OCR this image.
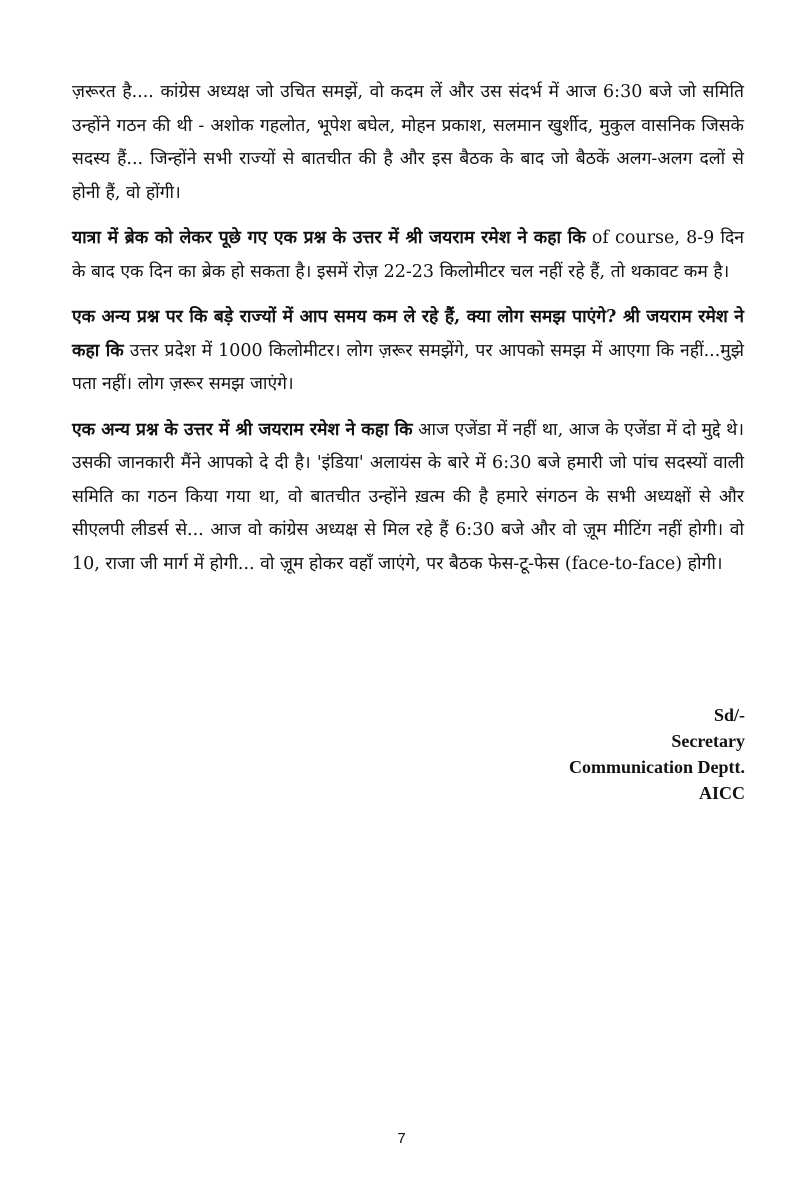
ज़रूरत है.... कांग्रेस अध्यक्ष जो उचित समझें, वो कदम लें और उस संदर्भ में आज 6:30 बजे जो समिति उन्होंने गठन की थी - अशोक गहलोत, भूपेश बघेल, मोहन प्रकाश, सलमान खुर्शीद, मुकुल वासनिक जिसके सदस्य हैं... जिन्होंने सभी राज्यों से बातचीत की है और इस बैठक के बाद जो बैठकें अलग-अलग दलों से होनी हैं, वो होंगी।

यात्रा में ब्रेक को लेकर पूछे गए एक प्रश्न के उत्तर में श्री जयराम रमेश ने कहा कि of course, 8-9 दिन के बाद एक दिन का ब्रेक हो सकता है। इसमें रोज़ 22-23 किलोमीटर चल नहीं रहे हैं, तो थकावट कम है।

एक अन्य प्रश्न पर कि बड़े राज्यों में आप समय कम ले रहे हैं, क्या लोग समझ पाएंगे? श्री जयराम रमेश ने कहा कि उत्तर प्रदेश में 1000 किलोमीटर। लोग ज़रूर समझेंगे, पर आपको समझ में आएगा कि नहीं...मुझे पता नहीं। लोग ज़रूर समझ जाएंगे।

एक अन्य प्रश्न के उत्तर में श्री जयराम रमेश ने कहा कि आज एजेंडा में नहीं था, आज के एजेंडा में दो मुद्दे थे। उसकी जानकारी मैंने आपको दे दी है। 'इंडिया' अलायंस के बारे में 6:30 बजे हमारी जो पांच सदस्यों वाली समिति का गठन किया गया था, वो बातचीत उन्होंने ख़त्म की है हमारे संगठन के सभी अध्यक्षों से और सीएलपी लीडर्स से... आज वो कांग्रेस अध्यक्ष से मिल रहे हैं 6:30 बजे और वो ज़ूम मीटिंग नहीं होगी। वो 10, राजा जी मार्ग में होगी... वो ज़ूम होकर वहाँ जाएंगे, पर बैठक फेस-टू-फेस (face-to-face) होगी।

Sd/-
Secretary
Communication Deptt.
AICC
7
